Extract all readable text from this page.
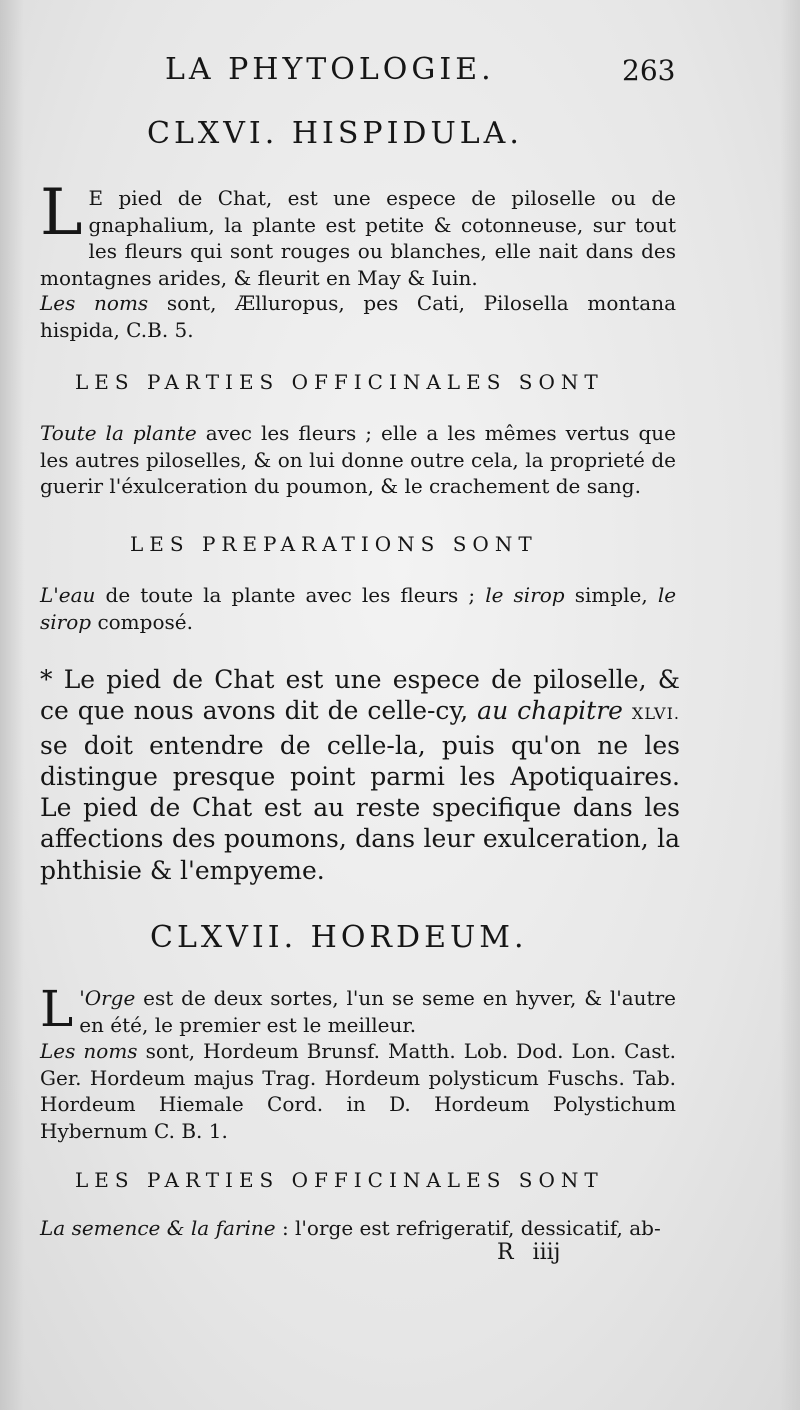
LA PHYTOLOGIE.	263
CLXVI. HISPIDULA.
L E pied de Chat, est une espece de piloselle ou de gnaphalium, la plante est petite & cotonneuse, sur tout les fleurs qui sont rouges ou blanches, elle nait dans des montagnes arides, & fleurit en May & Iuin.
Les noms sont, Ælluropus, pes Cati, Pilosella montana hispida, C.B. 5.
LES PARTIES OFFICINALES SONT
Toute la plante avec les fleurs ; elle a les mêmes vertus que les autres piloselles, & on lui donne outre cela, la proprieté de guerir l'éxulceration du poumon, & le crachement de sang.
LES PREPARATIONS SONT
L'eau de toute la plante avec les fleurs ; le sirop simple, le sirop composé.
* Le pied de Chat est une espece de piloselle, & ce que nous avons dit de celle-cy, au chapitre XLVI. se doit entendre de celle-la, puis qu'on ne les distingue presque point parmi les Apotiquaires. Le pied de Chat est au reste specifique dans les affections des poumons, dans leur exulceration, la phthisie & l'empyeme.
CLXVII. HORDEUM.
L 'Orge est de deux sortes, l'un se seme en hyver, & l'autre en été, le premier est le meilleur.
Les noms sont, Hordeum Brunsf. Matth. Lob. Dod. Lon. Cast. Ger. Hordeum majus Trag. Hordeum polysticum Fuschs. Tab. Hordeum Hiemale Cord. in D. Hordeum Polystichum Hybernum C. B. 1.
LES PARTIES OFFICINALES SONT
La semence & la farine : l'orge est refrigeratif, dessicatif, ab-
R iiij
